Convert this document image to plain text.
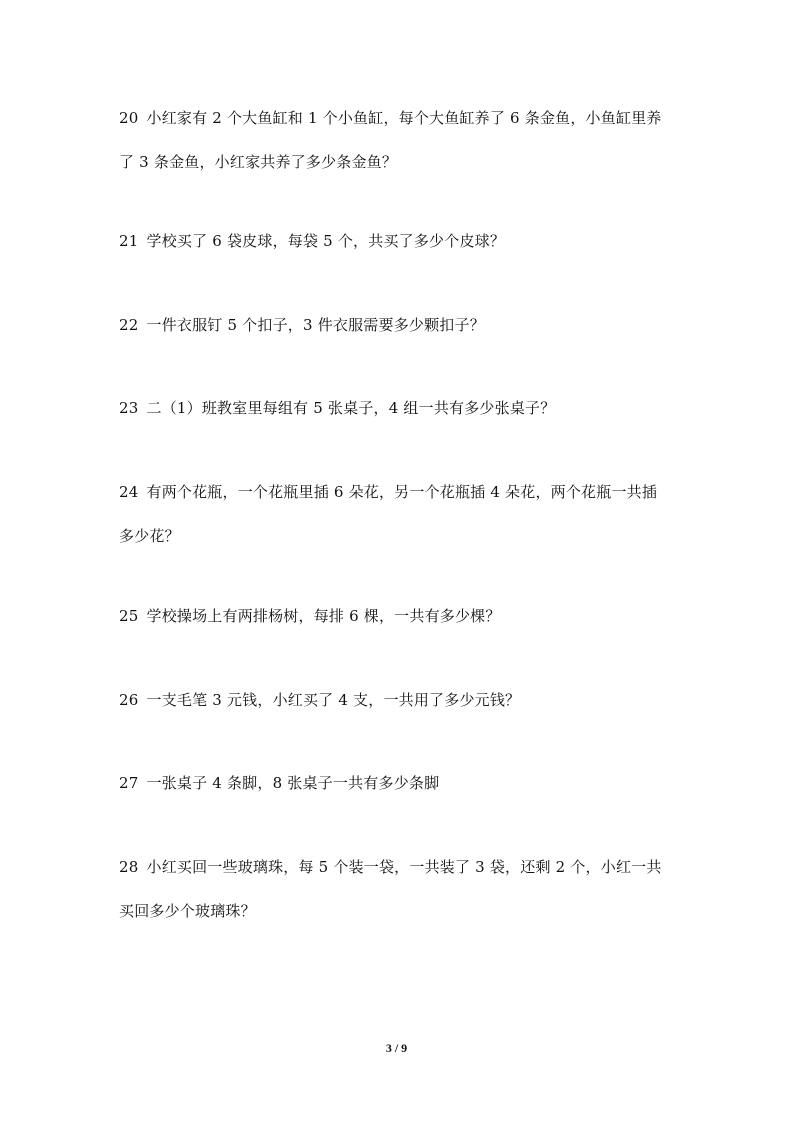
20 小红家有 2 个大鱼缸和 1 个小鱼缸，每个大鱼缸养了 6 条金鱼，小鱼缸里养
了 3 条金鱼，小红家共养了多少条金鱼？
21 学校买了 6 袋皮球，每袋 5 个，共买了多少个皮球？
22 一件衣服钉 5 个扣子，3 件衣服需要多少颗扣子？
23 二（1）班教室里每组有 5 张桌子，4 组一共有多少张桌子？
24 有两个花瓶，一个花瓶里插 6 朵花，另一个花瓶插 4 朵花，两个花瓶一共插
多少花？
25 学校操场上有两排杨树，每排 6 棵，一共有多少棵？
26 一支毛笔 3 元钱，小红买了 4 支，一共用了多少元钱？
27 一张桌子 4 条脚，8 张桌子一共有多少条脚
28 小红买回一些玻璃珠，每 5 个装一袋，一共装了 3 袋，还剩 2 个，小红一共
买回多少个玻璃珠？
3 / 9
